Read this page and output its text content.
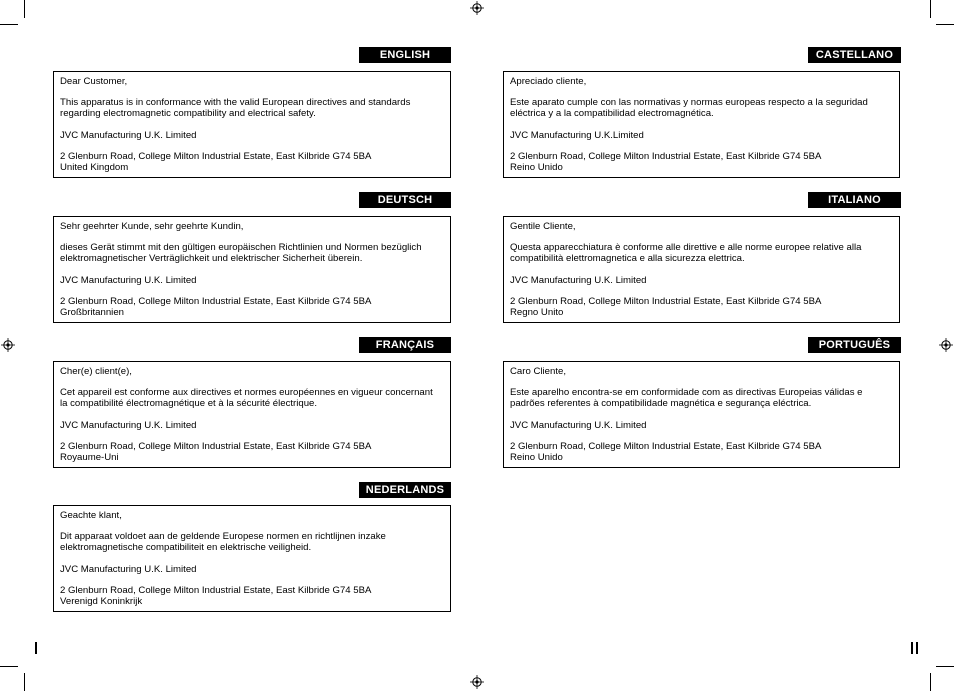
ENGLISH

Dear Customer,

This apparatus is in conformance with the valid European directives and standards
regarding electromagnetic compatibility and electrical safety.

JVC Manufacturing U.K. Limited

2 Glenburn Road, College Milton Industrial Estate, East Kilbride G74 5BA
United Kingdom

DEUTSCH

Sehr geehrter Kunde, sehr geehrte Kundin,

dieses Gerät stimmt mit den gültigen europäischen Richtlinien und Normen bezüglich
elektromagnetischer Verträglichkeit und elektrischer Sicherheit überein.

JVC Manufacturing U.K. Limited

2 Glenburn Road, College Milton Industrial Estate, East Kilbride G74 5BA
Großbritannien

FRANÇAIS

Cher(e) client(e),

Cet appareil est conforme aux directives et normes européennes en vigueur concernant
la compatibilité électromagnétique et à la sécurité électrique.

JVC Manufacturing U.K. Limited

2 Glenburn Road, College Milton Industrial Estate, East Kilbride G74 5BA
Royaume-Uni

NEDERLANDS

Geachte klant,

Dit apparaat voldoet aan de geldende Europese normen en richtlijnen inzake
elektromagnetische compatibiliteit en elektrische veiligheid.

JVC Manufacturing U.K. Limited

2 Glenburn Road, College Milton Industrial Estate, East Kilbride G74 5BA
Verenigd Koninkrijk

CASTELLANO

Apreciado cliente,

Este aparato cumple con las normativas y normas europeas respecto a la seguridad
eléctrica y a la compatibilidad electromagnética.

JVC Manufacturing U.K.Limited

2 Glenburn Road, College Milton Industrial Estate, East Kilbride G74 5BA
Reino Unido

ITALIANO

Gentile Cliente,

Questa apparecchiatura è conforme alle direttive e alle norme europee relative alla
compatibilità elettromagnetica e alla sicurezza elettrica.

JVC Manufacturing U.K. Limited

2 Glenburn Road, College Milton Industrial Estate, East Kilbride G74 5BA
Regno Unito

PORTUGUÊS

Caro Cliente,

Este aparelho encontra-se em conformidade com as directivas Europeias válidas e
padrões referentes à compatibilidade magnética e segurança eléctrica.

JVC Manufacturing U.K. Limited

2 Glenburn Road, College Milton Industrial Estate, East Kilbride G74 5BA
Reino Unido
